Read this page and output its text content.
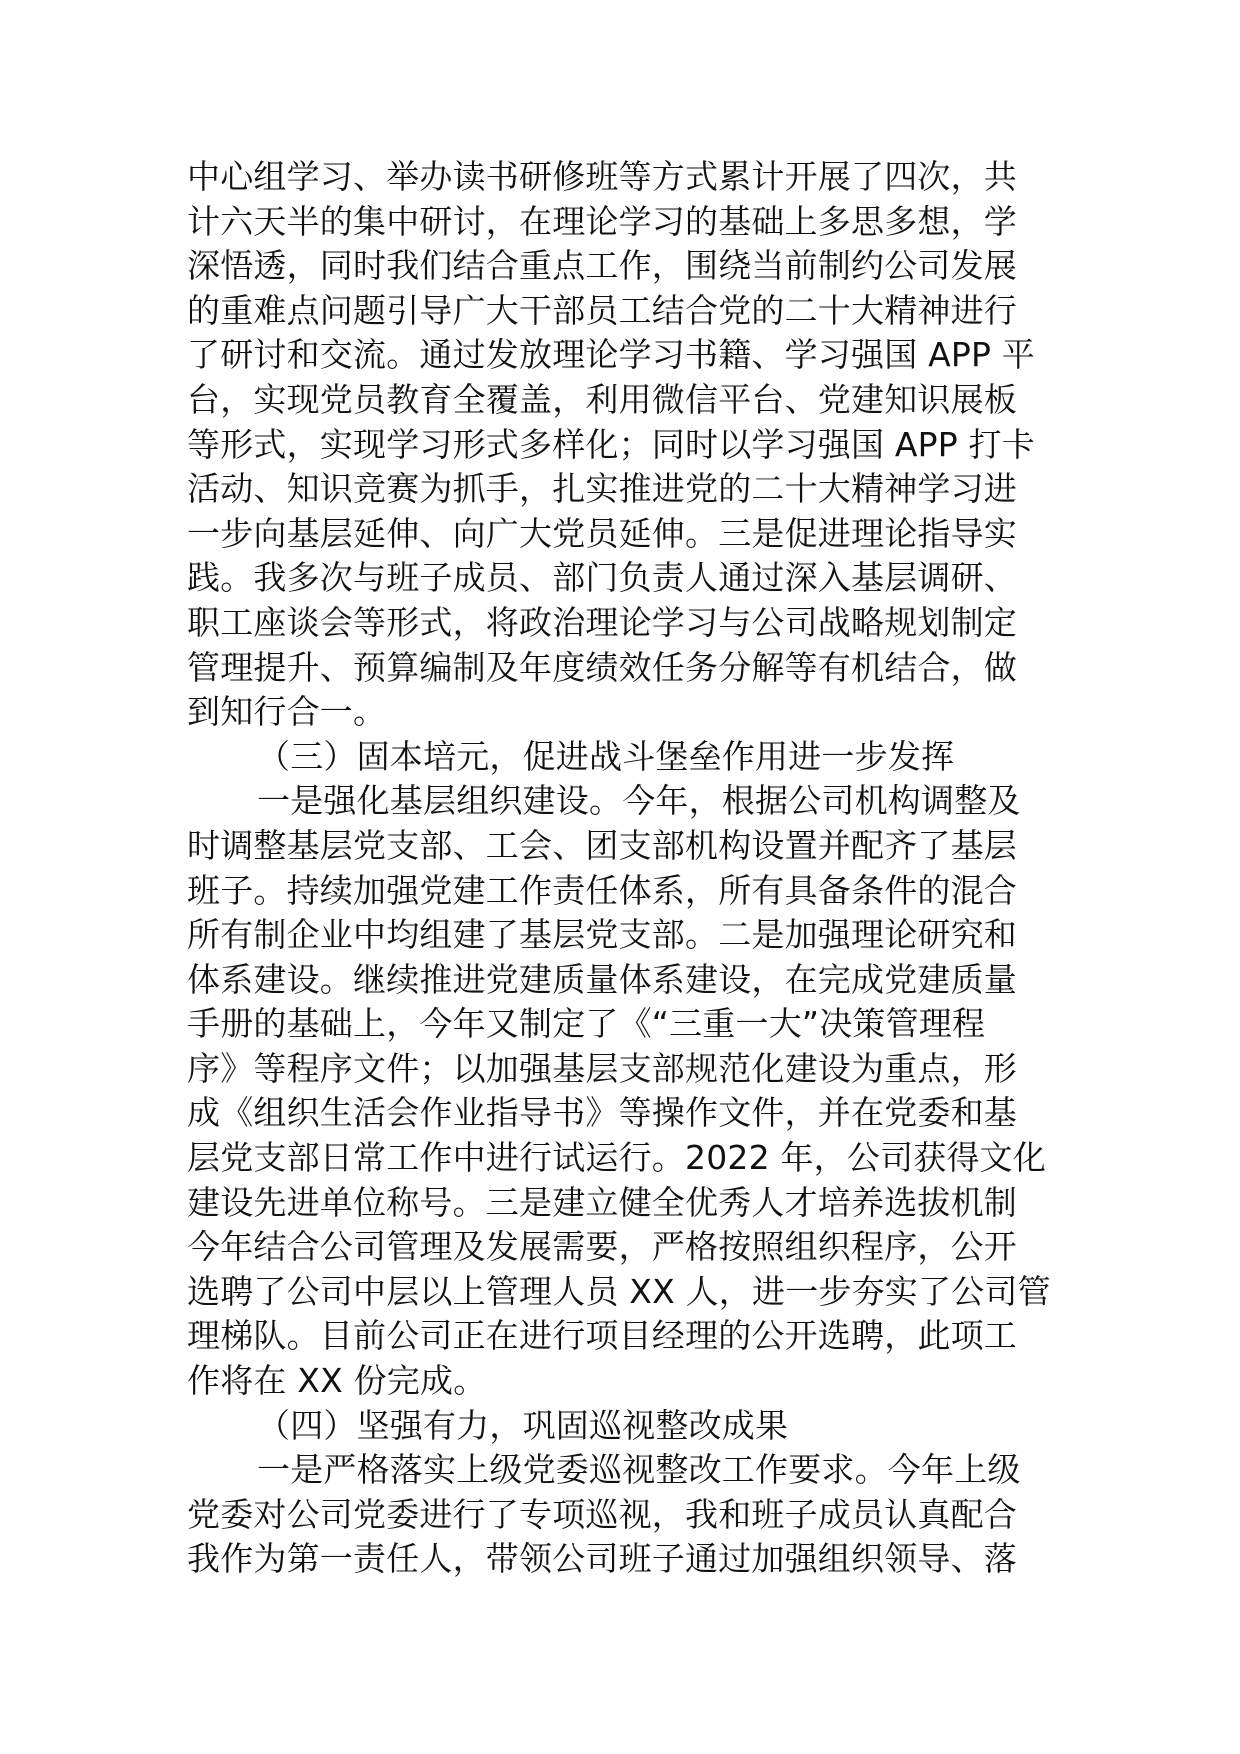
中心组学习、举办读书研修班等方式累计开展了四次，共
计六天半的集中研讨，在理论学习的基础上多思多想，学
深悟透，同时我们结合重点工作，围绕当前制约公司发展
的重难点问题引导广大干部员工结合党的二十大精神进行
了研讨和交流。通过发放理论学习书籍、学习强国 APP 平
台，实现党员教育全覆盖，利用微信平台、党建知识展板
等形式，实现学习形式多样化；同时以学习强国 APP 打卡
活动、知识竞赛为抓手，扎实推进党的二十大精神学习进
一步向基层延伸、向广大党员延伸。三是促进理论指导实
践。我多次与班子成员、部门负责人通过深入基层调研、
职工座谈会等形式，将政治理论学习与公司战略规划制定
管理提升、预算编制及年度绩效任务分解等有机结合，做
到知行合一。
（三）固本培元，促进战斗堡垒作用进一步发挥
一是强化基层组织建设。今年，根据公司机构调整及
时调整基层党支部、工会、团支部机构设置并配齐了基层
班子。持续加强党建工作责任体系，所有具备条件的混合
所有制企业中均组建了基层党支部。二是加强理论研究和
体系建设。继续推进党建质量体系建设，在完成党建质量
手册的基础上，今年又制定了《“三重一大”决策管理程
序》等程序文件；以加强基层支部规范化建设为重点，形
成《组织生活会作业指导书》等操作文件，并在党委和基
层党支部日常工作中进行试运行。2022 年，公司获得文化
建设先进单位称号。三是建立健全优秀人才培养选拔机制
今年结合公司管理及发展需要，严格按照组织程序，公开
选聘了公司中层以上管理人员 XX 人，进一步夯实了公司管
理梯队。目前公司正在进行项目经理的公开选聘，此项工
作将在 XX 份完成。
（四）坚强有力，巩固巡视整改成果
一是严格落实上级党委巡视整改工作要求。今年上级
党委对公司党委进行了专项巡视，我和班子成员认真配合
我作为第一责任人，带领公司班子通过加强组织领导、落
